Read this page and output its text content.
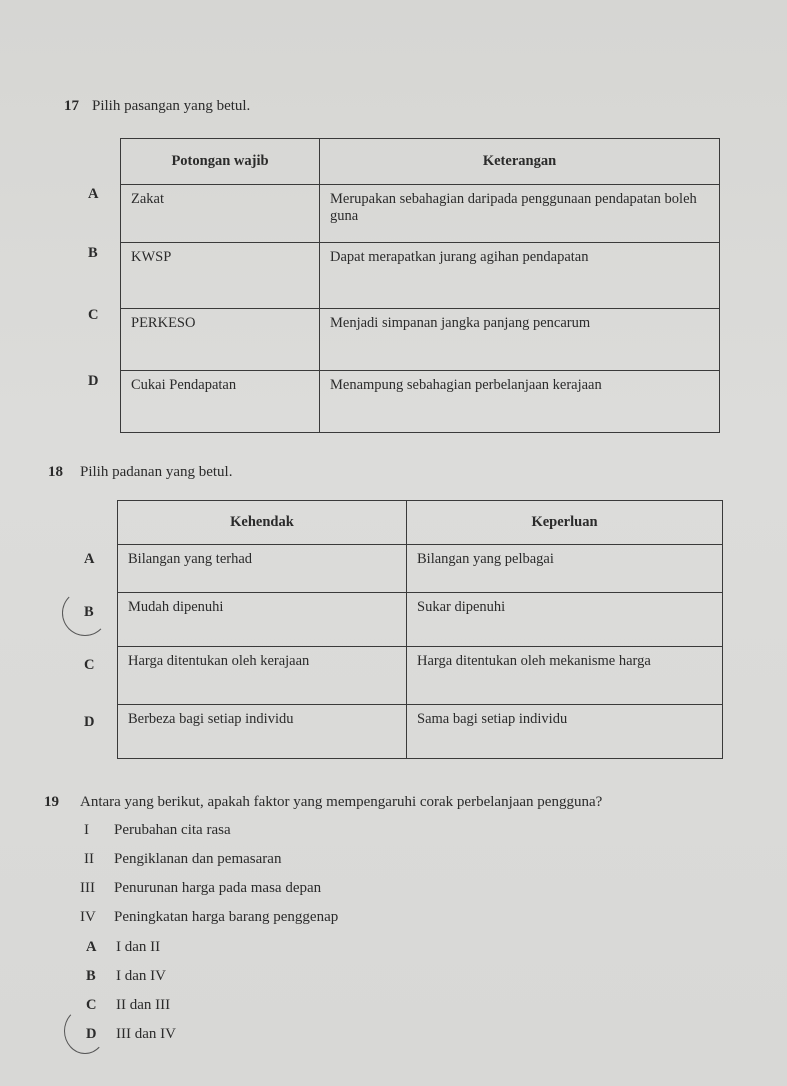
17 Pilih pasangan yang betul.
A
B
C
D
Potongan wajib	Keterangan
Zakat	Merupakan sebahagian daripada penggunaan pendapatan boleh guna
KWSP	Dapat merapatkan jurang agihan pendapatan
PERKESO	Menjadi simpanan jangka panjang pencarum
Cukai Pendapatan	Menampung sebahagian perbelanjaan kerajaan
18 Pilih padanan yang betul.
A
B
C
D
Kehendak	Keperluan
Bilangan yang terhad	Bilangan yang pelbagai
Mudah dipenuhi	Sukar dipenuhi
Harga ditentukan oleh kerajaan	Harga ditentukan oleh mekanisme harga
Berbeza bagi setiap individu	Sama bagi setiap individu
19 Antara yang berikut, apakah faktor yang mempengaruhi corak perbelanjaan pengguna?
I Perubahan cita rasa
II Pengiklanan dan pemasaran
III Penurunan harga pada masa depan
IV Peningkatan harga barang penggenap
A I dan II
B I dan IV
C II dan III
D III dan IV
